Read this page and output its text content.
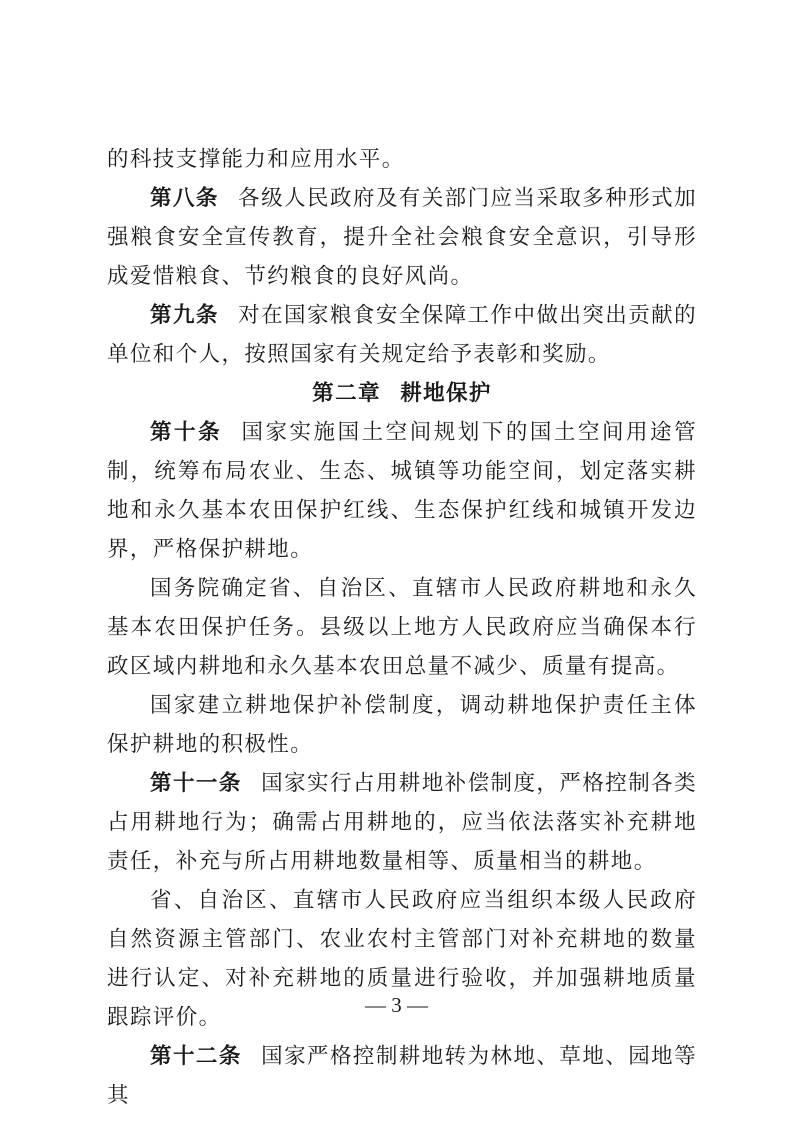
的科技支撑能力和应用水平。

第八条 各级人民政府及有关部门应当采取多种形式加强粮食安全宣传教育，提升全社会粮食安全意识，引导形成爱惜粮食、节约粮食的良好风尚。

第九条 对在国家粮食安全保障工作中做出突出贡献的单位和个人，按照国家有关规定给予表彰和奖励。

第二章 耕地保护

第十条 国家实施国土空间规划下的国土空间用途管制，统筹布局农业、生态、城镇等功能空间，划定落实耕地和永久基本农田保护红线、生态保护红线和城镇开发边界，严格保护耕地。

国务院确定省、自治区、直辖市人民政府耕地和永久基本农田保护任务。县级以上地方人民政府应当确保本行政区域内耕地和永久基本农田总量不减少、质量有提高。

国家建立耕地保护补偿制度，调动耕地保护责任主体保护耕地的积极性。

第十一条 国家实行占用耕地补偿制度，严格控制各类占用耕地行为；确需占用耕地的，应当依法落实补充耕地责任，补充与所占用耕地数量相等、质量相当的耕地。

省、自治区、直辖市人民政府应当组织本级人民政府自然资源主管部门、农业农村主管部门对补充耕地的数量进行认定、对补充耕地的质量进行验收，并加强耕地质量跟踪评价。

第十二条 国家严格控制耕地转为林地、草地、园地等其

— 3 —
